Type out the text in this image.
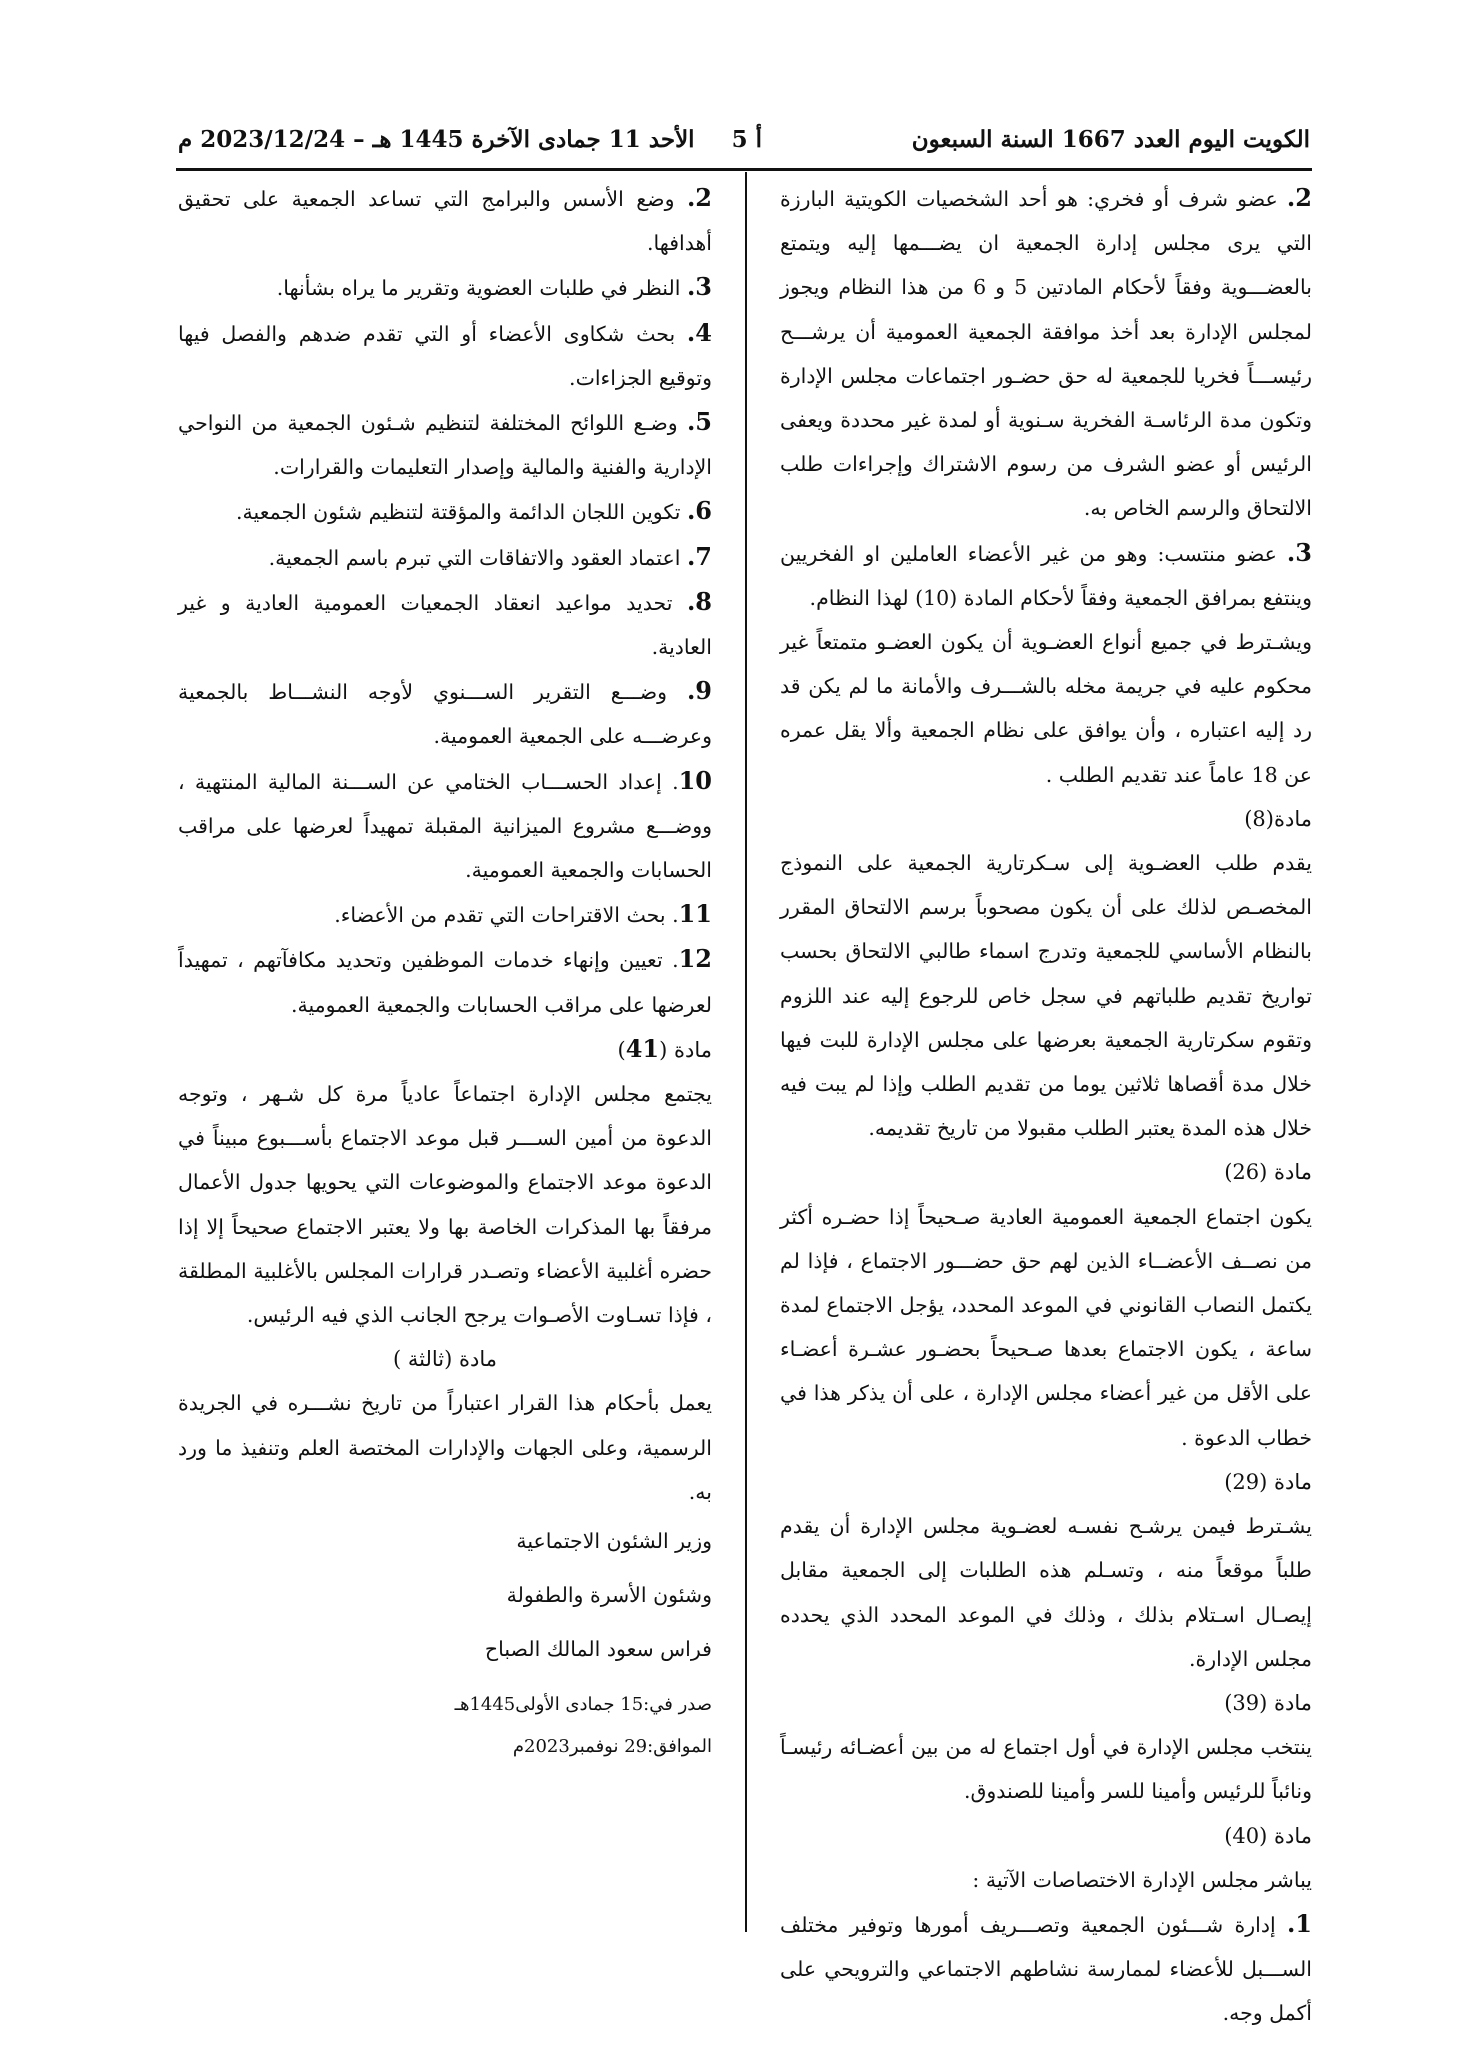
الكويت اليوم العدد 1667 السنة السبعون
أ 5
الأحد 11 جمادى الآخرة 1445 هـ – 2023/12/24 م

2. عضو شرف أو فخري: هو أحد الشخصيات الكويتية البارزة التي يرى مجلس إدارة الجمعية ان يضـــمها إليه ويتمتع بالعضـــوية وفقاً لأحكام المادتين 5 و 6 من هذا النظام ويجوز لمجلس الإدارة بعد أخذ موافقة الجمعية العمومية أن يرشـــح رئيســـاً فخريا للجمعية له حق حضـور اجتماعات مجلس الإدارة وتكون مدة الرئاسـة الفخرية سـنوية أو لمدة غير محددة ويعفى الرئيس أو عضو الشرف من رسوم الاشتراك وإجراءات طلب الالتحاق والرسم الخاص به.

3. عضو منتسب: وهو من غير الأعضاء العاملين او الفخريين وينتفع بمرافق الجمعية وفقاً لأحكام المادة (10) لهذا النظام.

ويشـترط في جميع أنواع العضـوية أن يكون العضـو متمتعاً غير محكوم عليه في جريمة مخله بالشـــرف والأمانة ما لم يكن قد رد إليه اعتباره ، وأن يوافق على نظام الجمعية وألا يقل عمره عن 18 عاماً عند تقديم الطلب .

مادة(8)

يقدم طلب العضـوية إلى سـكرتارية الجمعية على النموذج المخصـص لذلك على أن يكون مصحوباً برسم الالتحاق المقرر بالنظام الأساسي للجمعية وتدرج اسماء طالبي الالتحاق بحسب تواريخ تقديم طلباتهم في سجل خاص للرجوع إليه عند اللزوم وتقوم سكرتارية الجمعية بعرضها على مجلس الإدارة للبت فيها خلال مدة أقصاها ثلاثين يوما من تقديم الطلب وإذا لم يبت فيه خلال هذه المدة يعتبر الطلب مقبولا من تاريخ تقديمه.

مادة (26)

يكون اجتماع الجمعية العمومية العادية صـحيحاً إذا حضـره أكثر من نصــف الأعضــاء الذين لهم حق حضـــور الاجتماع ، فإذا لم يكتمل النصاب القانوني في الموعد المحدد، يؤجل الاجتماع لمدة ساعة ، يكون الاجتماع بعدها صـحيحاً بحضـور عشـرة أعضـاء على الأقل من غير أعضاء مجلس الإدارة ، على أن يذكر هذا في خطاب الدعوة .

مادة (29)

يشـترط فيمن يرشـح نفسـه لعضـوية مجلس الإدارة أن يقدم طلباً موقعاً منه ، وتسـلم هذه الطلبات إلى الجمعية مقابل إيصـال اسـتلام بذلك ، وذلك في الموعد المحدد الذي يحدده مجلس الإدارة.

مادة (39)

ينتخب مجلس الإدارة في أول اجتماع له من بين أعضـائه رئيسـاً ونائباً للرئيس وأمينا للسر وأمينا للصندوق.

مادة (40)

يباشر مجلس الإدارة الاختصاصات الآتية :

1. إدارة شـــئون الجمعية وتصـــريف أمورها وتوفير مختلف الســـبل للأعضاء لممارسة نشاطهم الاجتماعي والترويحي على أكمل وجه.

2. وضع الأسس والبرامج التي تساعد الجمعية على تحقيق أهدافها.

3. النظر في طلبات العضوية وتقرير ما يراه بشأنها.

4. بحث شكاوى الأعضاء أو التي تقدم ضدهم والفصل فيها وتوقيع الجزاءات.

5. وضـع اللوائح المختلفة لتنظيم شـئون الجمعية من النواحي الإدارية والفنية والمالية وإصدار التعليمات والقرارات.

6. تكوين اللجان الدائمة والمؤقتة لتنظيم شئون الجمعية.

7. اعتماد العقود والاتفاقات التي تبرم باسم الجمعية.

8. تحديد مواعيد انعقاد الجمعيات العمومية العادية و غير العادية.

9. وضـــع التقرير الســـنوي لأوجه النشـــاط بالجمعية وعرضـــه على الجمعية العمومية.

10. إعداد الحســـاب الختامي عن الســـنة المالية المنتهية ، ووضـــع مشروع الميزانية المقبلة تمهيداً لعرضها على مراقب الحسابات والجمعية العمومية.

11. بحث الاقتراحات التي تقدم من الأعضاء.

12. تعيين وإنهاء خدمات الموظفين وتحديد مكافآتهم ، تمهيداً لعرضها على مراقب الحسابات والجمعية العمومية.

مادة (41)

يجتمع مجلس الإدارة اجتماعاً عادياً مرة كل شـهر ، وتوجه الدعوة من أمين الســـر قبل موعد الاجتماع بأســـبوع مبيناً في الدعوة موعد الاجتماع والموضوعات التي يحويها جدول الأعمال مرفقاً بها المذكرات الخاصة بها ولا يعتبر الاجتماع صحيحاً إلا إذا حضره أغلبية الأعضاء وتصـدر قرارات المجلس بالأغلبية المطلقة ، فإذا تسـاوت الأصـوات يرجح الجانب الذي فيه الرئيس.

مادة (ثالثة )

يعمل بأحكام هذا القرار اعتباراً من تاريخ نشـــره في الجريدة الرسمية، وعلى الجهات والإدارات المختصة العلم وتنفيذ ما ورد به.

وزير الشئون الاجتماعية

وشئون الأسرة والطفولة

فراس سعود المالك الصباح

صدر في:15 جمادى الأولى1445هـ

الموافق:29 نوفمبر2023م
